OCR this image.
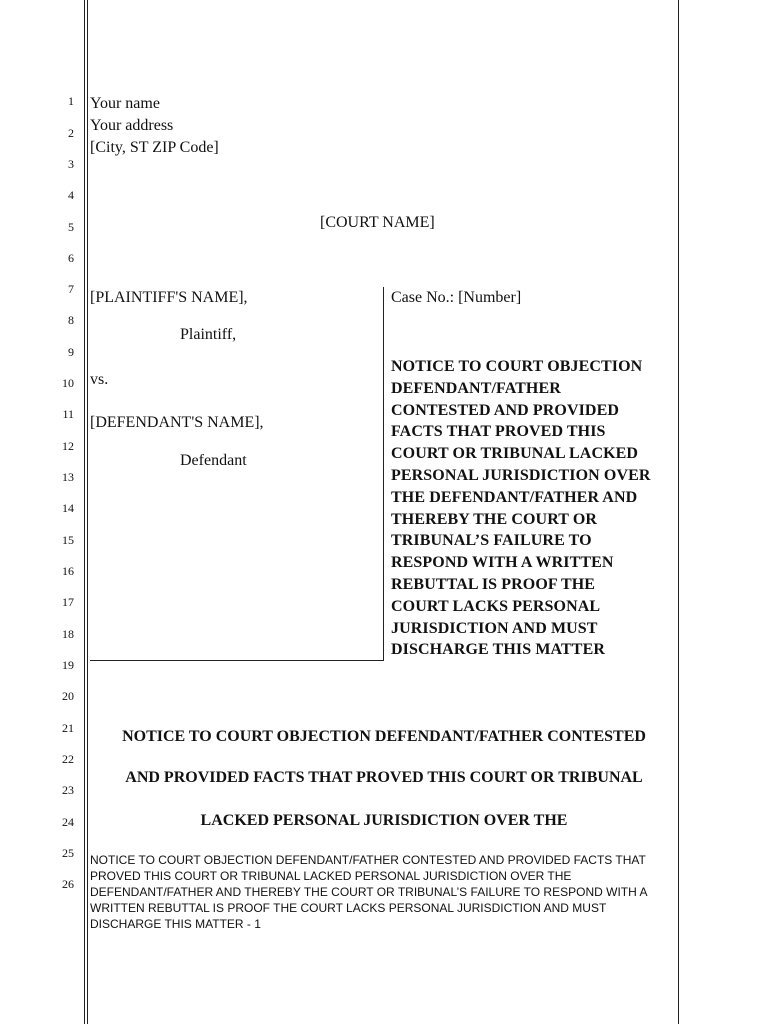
1
2
3
4
5
6
7
8
9
10
11
12
13
14
15
16
17
18
19
20
21
22
23
24
25
26
Your name
Your address
[City, ST ZIP Code]
[COURT NAME]
[PLAINTIFF'S NAME],
Plaintiff,
vs.
[DEFENDANT'S NAME],
Defendant
Case No.: [Number]
NOTICE TO COURT OBJECTION
DEFENDANT/FATHER
CONTESTED AND PROVIDED
FACTS THAT PROVED THIS
COURT OR TRIBUNAL LACKED
PERSONAL JURISDICTION OVER
THE DEFENDANT/FATHER AND
THEREBY THE COURT OR
TRIBUNAL’S FAILURE TO
RESPOND WITH A WRITTEN
REBUTTAL IS PROOF THE
COURT LACKS PERSONAL
JURISDICTION AND MUST
DISCHARGE THIS MATTER
NOTICE TO COURT OBJECTION DEFENDANT/FATHER CONTESTED
AND PROVIDED FACTS THAT PROVED THIS COURT OR TRIBUNAL
LACKED PERSONAL JURISDICTION OVER THE
NOTICE TO COURT OBJECTION DEFENDANT/FATHER CONTESTED AND PROVIDED FACTS THAT
PROVED THIS COURT OR TRIBUNAL LACKED PERSONAL JURISDICTION OVER THE
DEFENDANT/FATHER AND THEREBY THE COURT OR TRIBUNAL’S FAILURE TO RESPOND WITH A
WRITTEN REBUTTAL IS PROOF THE COURT LACKS PERSONAL JURISDICTION AND MUST
DISCHARGE THIS MATTER - 1
